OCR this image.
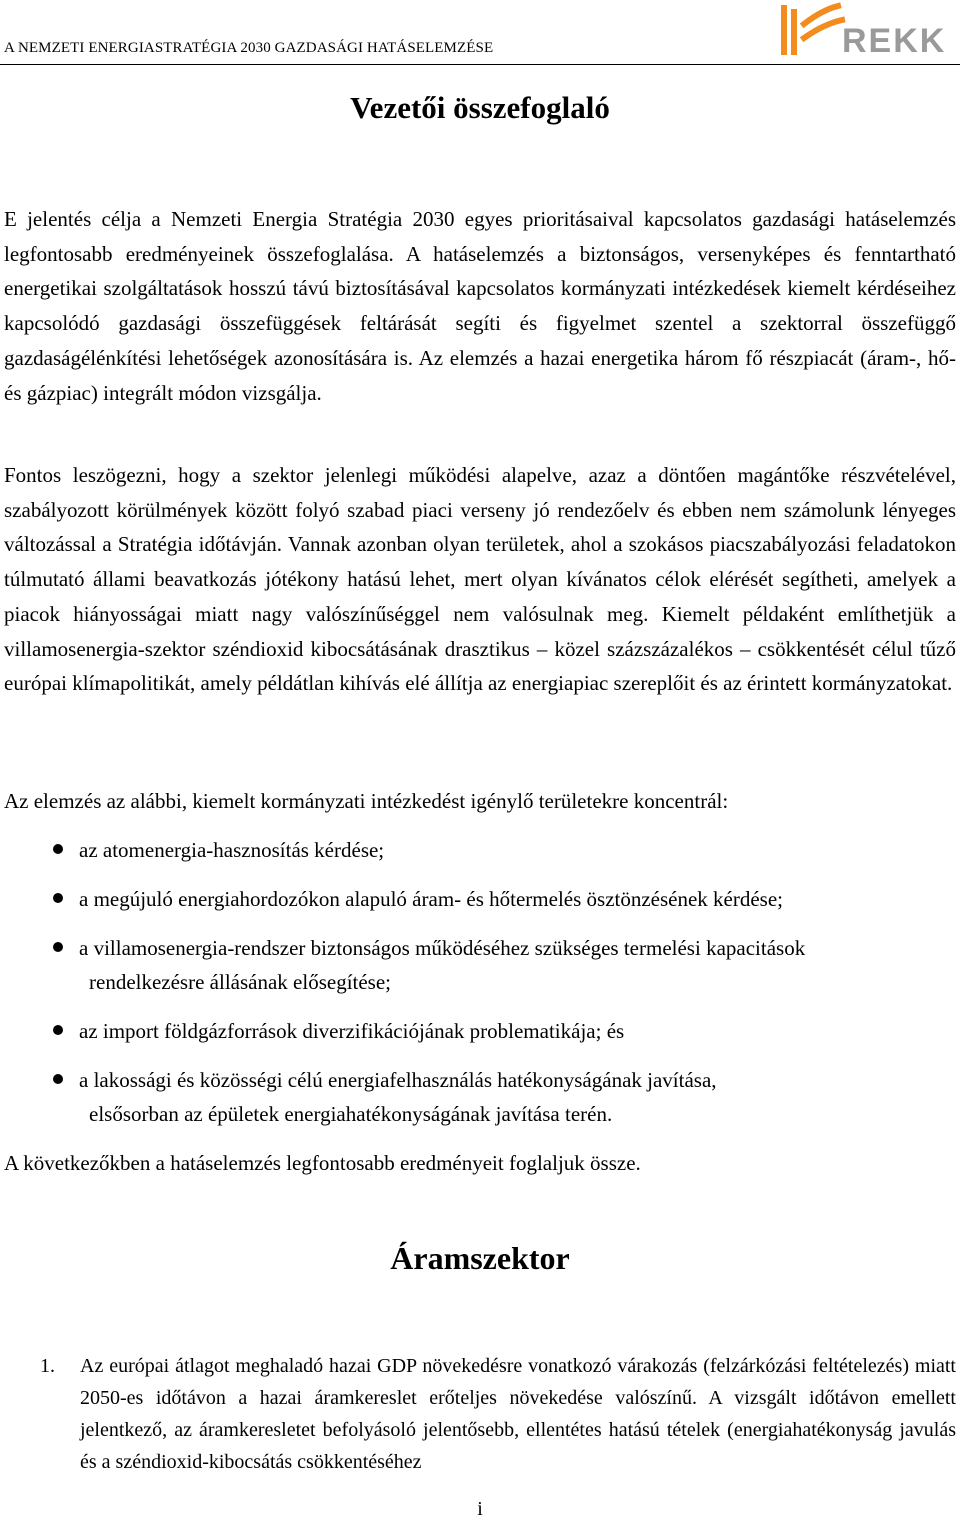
A NEMZETI ENERGIASTRATÉGIA 2030 GAZDASÁGI HATÁSELEMZÉSE	REKK
Vezetői összefoglaló

E jelentés célja a Nemzeti Energia Stratégia 2030 egyes prioritásaival kapcsolatos gazdasági hatáselemzés legfontosabb eredményeinek összefoglalása. A hatáselemzés a biztonságos, versenyképes és fenntartható energetikai szolgáltatások hosszú távú biztosításával kapcsolatos kormányzati intézkedések kiemelt kérdéseihez kapcsolódó gazdasági összefüggések feltárását segíti és figyelmet szentel a szektorral összefüggő gazdaságélénkítési lehetőségek azonosítására is. Az elemzés a hazai energetika három fő részpiacát (áram-, hő- és gázpiac) integrált módon vizsgálja.

Fontos leszögezni, hogy a szektor jelenlegi működési alapelve, azaz a döntően magántőke részvételével, szabályozott körülmények között folyó szabad piaci verseny jó rendezőelv és ebben nem számolunk lényeges változással a Stratégia időtávján. Vannak azonban olyan területek, ahol a szokásos piacszabályozási feladatokon túlmutató állami beavatkozás jótékony hatású lehet, mert olyan kívánatos célok elérését segítheti, amelyek a piacok hiányosságai miatt nagy valószínűséggel nem valósulnak meg. Kiemelt példaként említhetjük a villamosenergia-szektor széndioxid kibocsátásának drasztikus – közel százszázalékos – csökkentését célul tűző európai klímapolitikát, amely példátlan kihívás elé állítja az energiapiac szereplőit és az érintett kormányzatokat.

Az elemzés az alábbi, kiemelt kormányzati intézkedést igénylő területekre koncentrál:

az atomenergia-hasznosítás kérdése;
a megújuló energiahordozókon alapuló áram- és hőtermelés ösztönzésének kérdése;
a villamosenergia-rendszer biztonságos működéséhez szükséges termelési kapacitások
rendelkezésre állásának elősegítése;
az import földgázforrások diverzifikációjának problematikája; és
a lakossági és közösségi célú energiafelhasználás hatékonyságának javítása,
elsősorban az épületek energiahatékonyságának javítása terén.

A következőkben a hatáselemzés legfontosabb eredményeit foglaljuk össze.

Áramszektor
1. Az európai átlagot meghaladó hazai GDP növekedésre vonatkozó várakozás (felzárkózási feltételezés) miatt 2050-es időtávon a hazai áramkereslet erőteljes növekedése valószínű. A vizsgált időtávon emellett jelentkező, az áramkeresletet befolyásoló jelentősebb, ellentétes hatású tételek (energiahatékonyság javulás és a széndioxid-kibocsátás csökkentéséhez
i
